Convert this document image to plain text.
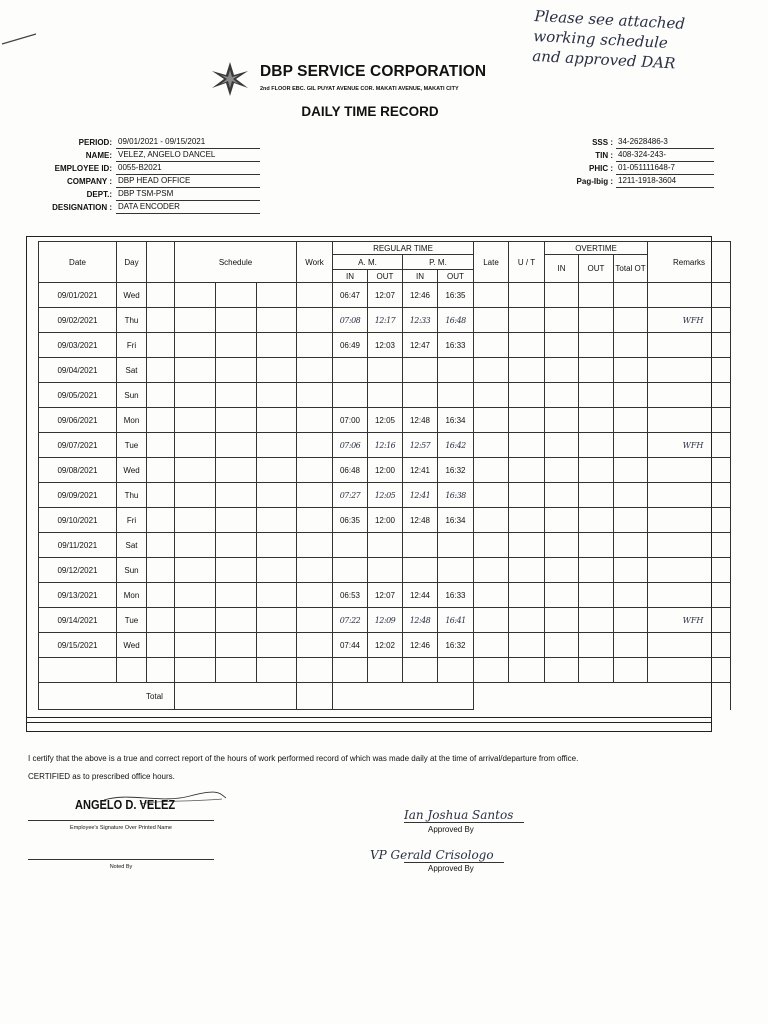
Please see attached
working schedule
and approved DAR
DBP SERVICE CORPORATION
2nd FLOOR EBC. GIL PUYAT AVENUE COR. MAKATI AVENUE, MAKATI CITY
DAILY TIME RECORD
PERIOD: 09/01/2021 - 09/15/2021
NAME: VELEZ, ANGELO DANCEL
EMPLOYEE ID: 0055-B2021
COMPANY : DBP HEAD OFFICE
DEPT.: DBP TSM-PSM
DESIGNATION : DATA ENCODER
SSS : 34-2628486-3
TIN : 408-324-243-
PHIC : 01-051111648-7
Pag-Ibig : 1211-1918-3604
Date	Day		Schedule			Work	REGULAR TIME				Late	U / T	OVERTIME			Remarks
							A. M.		P. M.				IN	OUT	Total OT	
							IN	OUT	IN	OUT						
09/01/2021	Wed						06:47	12:07	12:46	16:35						
09/02/2021	Thu						07:08	12:17	12:33	16:48						WFH
09/03/2021	Fri						06:49	12:03	12:47	16:33						
09/04/2021	Sat															
09/05/2021	Sun															
09/06/2021	Mon						07:00	12:05	12:48	16:34						
09/07/2021	Tue						07:06	12:16	12:57	16:42						WFH
09/08/2021	Wed						06:48	12:00	12:41	16:32						
09/09/2021	Thu						07:27	12:05	12:41	16:38						
09/10/2021	Fri						06:35	12:00	12:48	16:34						
09/11/2021	Sat															
09/12/2021	Sun															
09/13/2021	Mon						06:53	12:07	12:44	16:33						
09/14/2021	Tue						07:22	12:09	12:48	16:41						WFH
09/15/2021	Wed						07:44	12:02	12:46	16:32						

Total																
I certify that the above is a true and correct report of the hours of work performed record of which was made daily at the time of arrival/departure from office.
CERTIFIED as to prescribed office hours.
ANGELO D. VELEZ
Employee's Signature Over Printed Name
Noted By
Ian Joshua Santos
Approved By
VP Gerald Crisologo
Approved By
